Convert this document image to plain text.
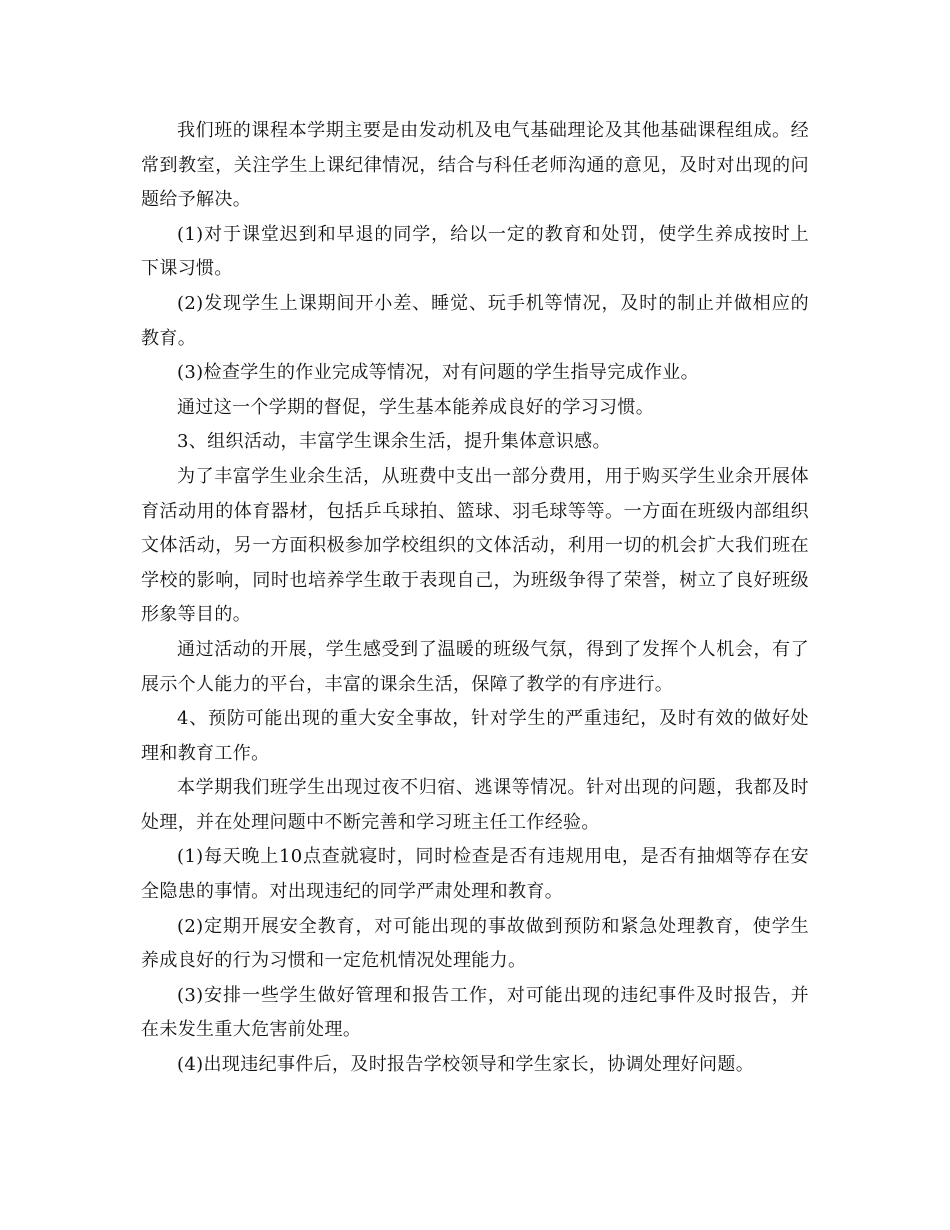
我们班的课程本学期主要是由发动机及电气基础理论及其他基础课程组成。经常到教室，关注学生上课纪律情况，结合与科任老师沟通的意见，及时对出现的问题给予解决。

(1)对于课堂迟到和早退的同学，给以一定的教育和处罚，使学生养成按时上下课习惯。

(2)发现学生上课期间开小差、睡觉、玩手机等情况，及时的制止并做相应的教育。

(3)检查学生的作业完成等情况，对有问题的学生指导完成作业。

通过这一个学期的督促，学生基本能养成良好的学习习惯。

3、组织活动，丰富学生课余生活，提升集体意识感。

为了丰富学生业余生活，从班费中支出一部分费用，用于购买学生业余开展体育活动用的体育器材，包括乒乓球拍、篮球、羽毛球等等。一方面在班级内部组织文体活动，另一方面积极参加学校组织的文体活动，利用一切的机会扩大我们班在学校的影响，同时也培养学生敢于表现自己，为班级争得了荣誉，树立了良好班级形象等目的。

通过活动的开展，学生感受到了温暖的班级气氛，得到了发挥个人机会，有了展示个人能力的平台，丰富的课余生活，保障了教学的有序进行。

4、预防可能出现的重大安全事故，针对学生的严重违纪，及时有效的做好处理和教育工作。

本学期我们班学生出现过夜不归宿、逃课等情况。针对出现的问题，我都及时处理，并在处理问题中不断完善和学习班主任工作经验。

(1)每天晚上10点查就寝时，同时检查是否有违规用电，是否有抽烟等存在安全隐患的事情。对出现违纪的同学严肃处理和教育。

(2)定期开展安全教育，对可能出现的事故做到预防和紧急处理教育，使学生养成良好的行为习惯和一定危机情况处理能力。

(3)安排一些学生做好管理和报告工作，对可能出现的违纪事件及时报告，并在未发生重大危害前处理。

(4)出现违纪事件后，及时报告学校领导和学生家长，协调处理好问题。
